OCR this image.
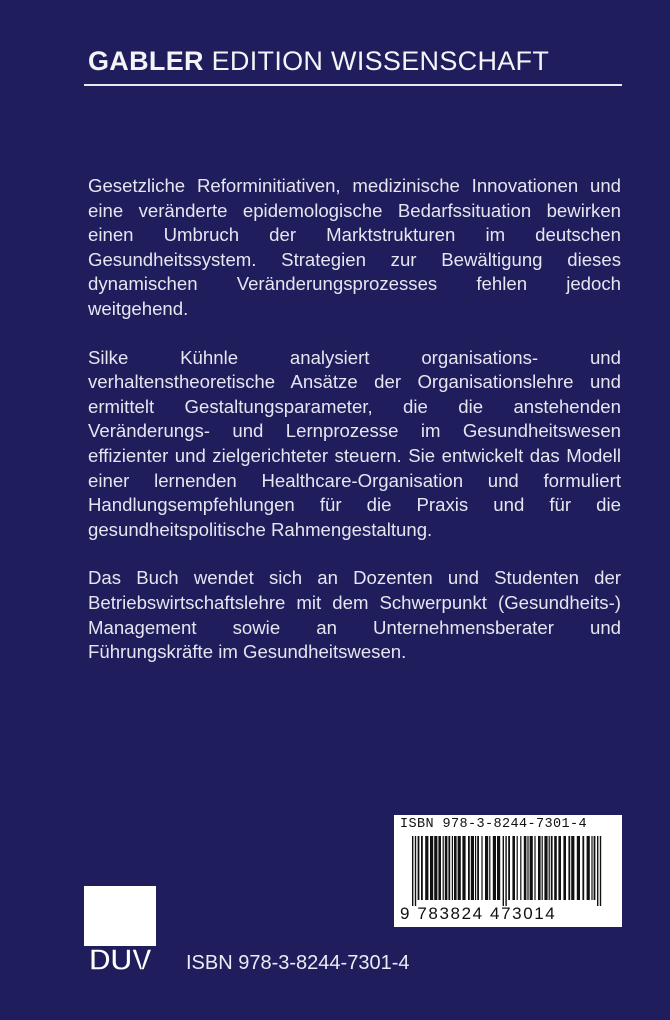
GABLER EDITION WISSENSCHAFT

Gesetzliche Reforminitiativen, medizinische Innovationen und eine veränderte epidemologische Bedarfssituation bewirken einen Umbruch der Marktstrukturen im deutschen Gesundheitssystem. Strategien zur Bewältigung dieses dynamischen Veränderungsprozesses fehlen jedoch weitgehend.

Silke Kühnle analysiert organisations- und verhaltenstheoretische Ansätze der Organisationslehre und ermittelt Gestaltungsparameter, die die anstehenden Veränderungs- und Lernprozesse im Gesundheitswesen effizienter und zielgerichteter steuern. Sie entwickelt das Modell einer lernenden Healthcare-Organisation und formuliert Handlungsempfehlungen für die Praxis und für die gesundheitspolitische Rahmengestaltung.

Das Buch wendet sich an Dozenten und Studenten der Betriebswirtschaftslehre mit dem Schwerpunkt (Gesundheits-) Management sowie an Unternehmensberater und Führungskräfte im Gesundheitswesen.

ISBN 978-3-8244-7301-4
9 783824 473014
DUV	ISBN 978-3-8244-7301-4
